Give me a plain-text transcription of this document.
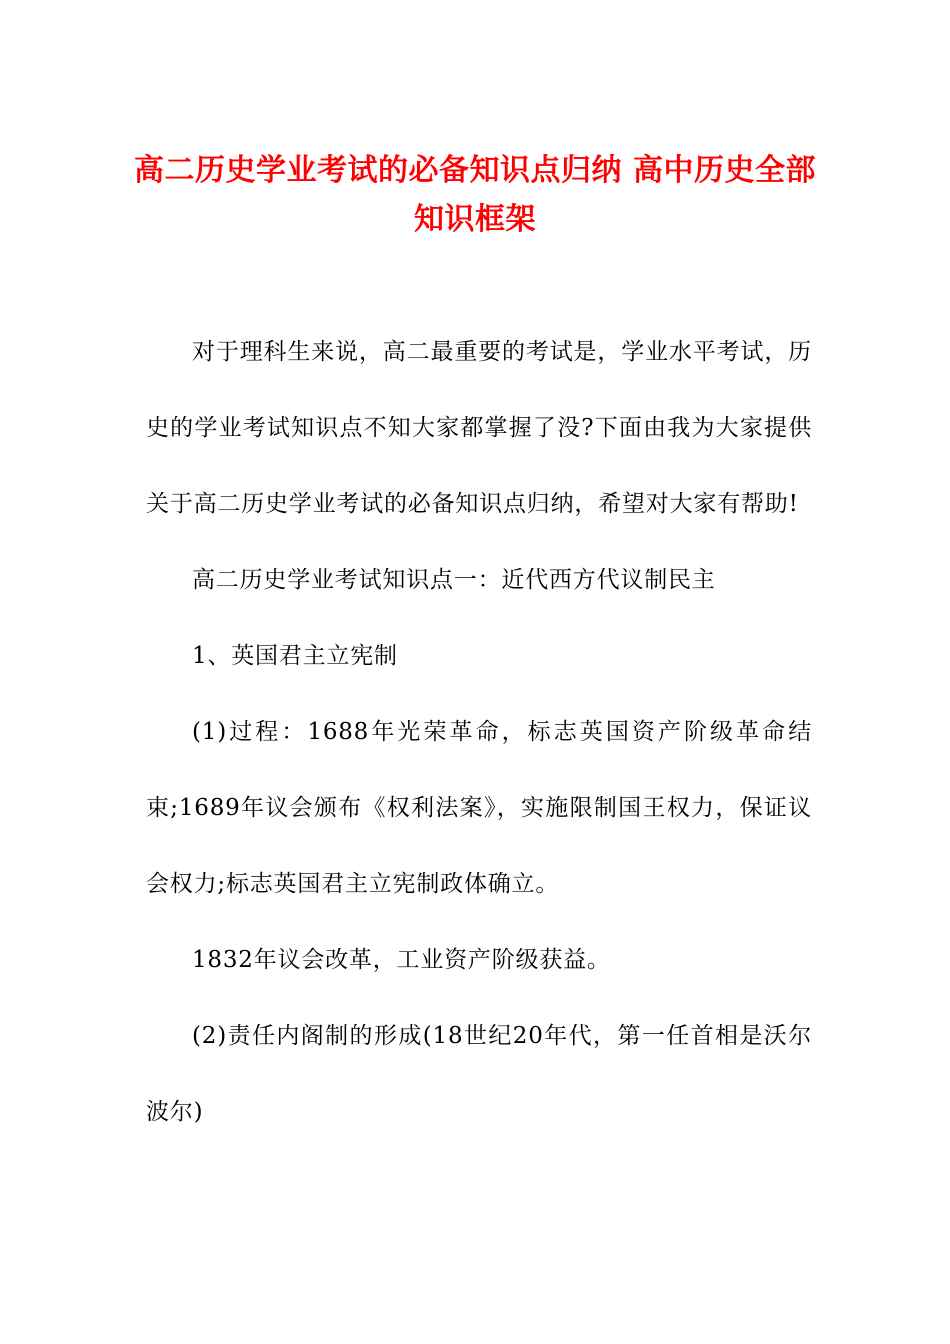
高二历史学业考试的必备知识点归纳 高中历史全部知识框架

对于理科生来说，高二最重要的考试是，学业水平考试，历史的学业考试知识点不知大家都掌握了没?下面由我为大家提供关于高二历史学业考试的必备知识点归纳，希望对大家有帮助!

高二历史学业考试知识点一：近代西方代议制民主

1、英国君主立宪制

(1)过程：1688年光荣革命，标志英国资产阶级革命结束;1689年议会颁布《权利法案》，实施限制国王权力，保证议会权力;标志英国君主立宪制政体确立。

1832年议会改革，工业资产阶级获益。

(2)责任内阁制的形成(18世纪20年代，第一任首相是沃尔波尔)
